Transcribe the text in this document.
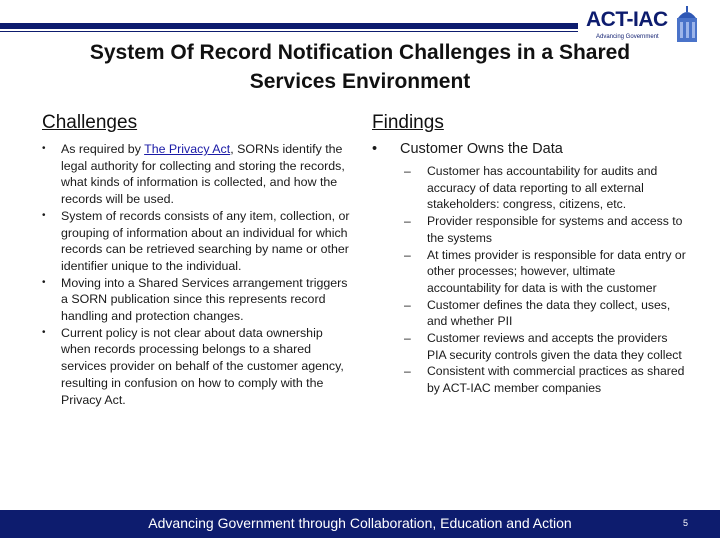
ACT-IAC
Advancing Government
System Of Record Notification Challenges in a Shared
Services Environment
Challenges	Findings
• As required by The Privacy Act, SORNs identify the legal authority for collecting and storing the records, what kinds of information is collected, and how the records will be used.
• System of records consists of any item, collection, or grouping of information about an individual for which records can be retrieved searching by name or other identifier unique to the individual.
• Moving into a Shared Services arrangement triggers a SORN publication since this represents record handling and protection changes.
• Current policy is not clear about data ownership when records processing belongs to a shared services provider on behalf of the customer agency, resulting in confusion on how to comply with the Privacy Act.
• Customer Owns the Data
– Customer has accountability for audits and accuracy of data reporting to all external stakeholders: congress, citizens, etc.
– Provider responsible for systems and access to the systems
– At times provider is responsible for data entry or other processes; however, ultimate accountability for data is with the customer
– Customer defines the data they collect, uses, and whether PII
– Customer reviews and accepts the providers PIA security controls given the data they collect
– Consistent with commercial practices as shared by ACT-IAC member companies
Advancing Government through Collaboration, Education and Action	5
